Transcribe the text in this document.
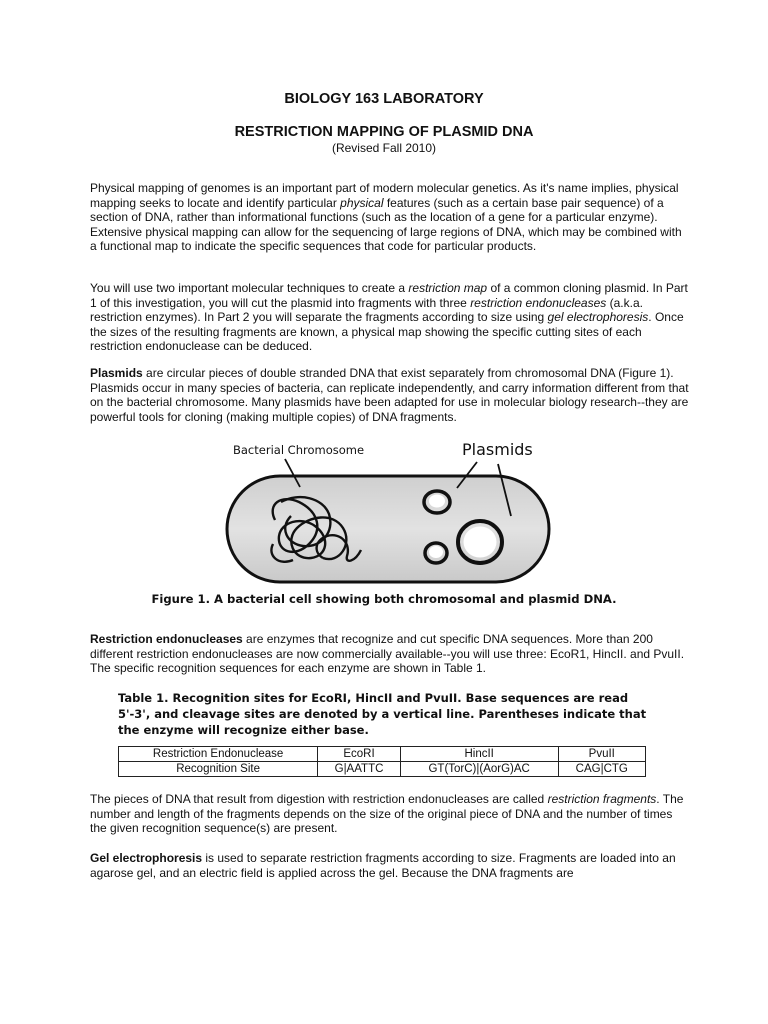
BIOLOGY 163 LABORATORY
RESTRICTION MAPPING OF PLASMID DNA
(Revised Fall 2010)
Physical mapping of genomes is an important part of modern molecular genetics. As it's name implies, physical mapping seeks to locate and identify particular physical features (such as a certain base pair sequence) of a section of DNA, rather than informational functions (such as the location of a gene for a particular enzyme). Extensive physical mapping can allow for the sequencing of large regions of DNA, which may be combined with a functional map to indicate the specific sequences that code for particular products.
You will use two important molecular techniques to create a restriction map of a common cloning plasmid. In Part 1 of this investigation, you will cut the plasmid into fragments with three restriction endonucleases (a.k.a. restriction enzymes). In Part 2 you will separate the fragments according to size using gel electrophoresis. Once the sizes of the resulting fragments are known, a physical map showing the specific cutting sites of each restriction endonuclease can be deduced.
Plasmids are circular pieces of double stranded DNA that exist separately from chromosomal DNA (Figure 1). Plasmids occur in many species of bacteria, can replicate independently, and carry information different from that on the bacterial chromosome. Many plasmids have been adapted for use in molecular biology research--they are powerful tools for cloning (making multiple copies) of DNA fragments.
Bacterial Chromosome	Plasmids
Figure 1. A bacterial cell showing both chromosomal and plasmid DNA.
Restriction endonucleases are enzymes that recognize and cut specific DNA sequences. More than 200 different restriction endonucleases are now commercially available--you will use three: EcoR1, HincII. and PvuII. The specific recognition sequences for each enzyme are shown in Table 1.
Table 1. Recognition sites for EcoRI, HincII and PvuII. Base sequences are read 5'-3', and cleavage sites are denoted by a vertical line. Parentheses indicate that the enzyme will recognize either base.
Restriction Endonuclease	EcoRI	HincII	PvuII
Recognition Site	G|AATTC	GT(TorC)|(AorG)AC	CAG|CTG
The pieces of DNA that result from digestion with restriction endonucleases are called restriction fragments. The number and length of the fragments depends on the size of the original piece of DNA and the number of times the given recognition sequence(s) are present.
Gel electrophoresis is used to separate restriction fragments according to size. Fragments are loaded into an agarose gel, and an electric field is applied across the gel. Because the DNA fragments are
